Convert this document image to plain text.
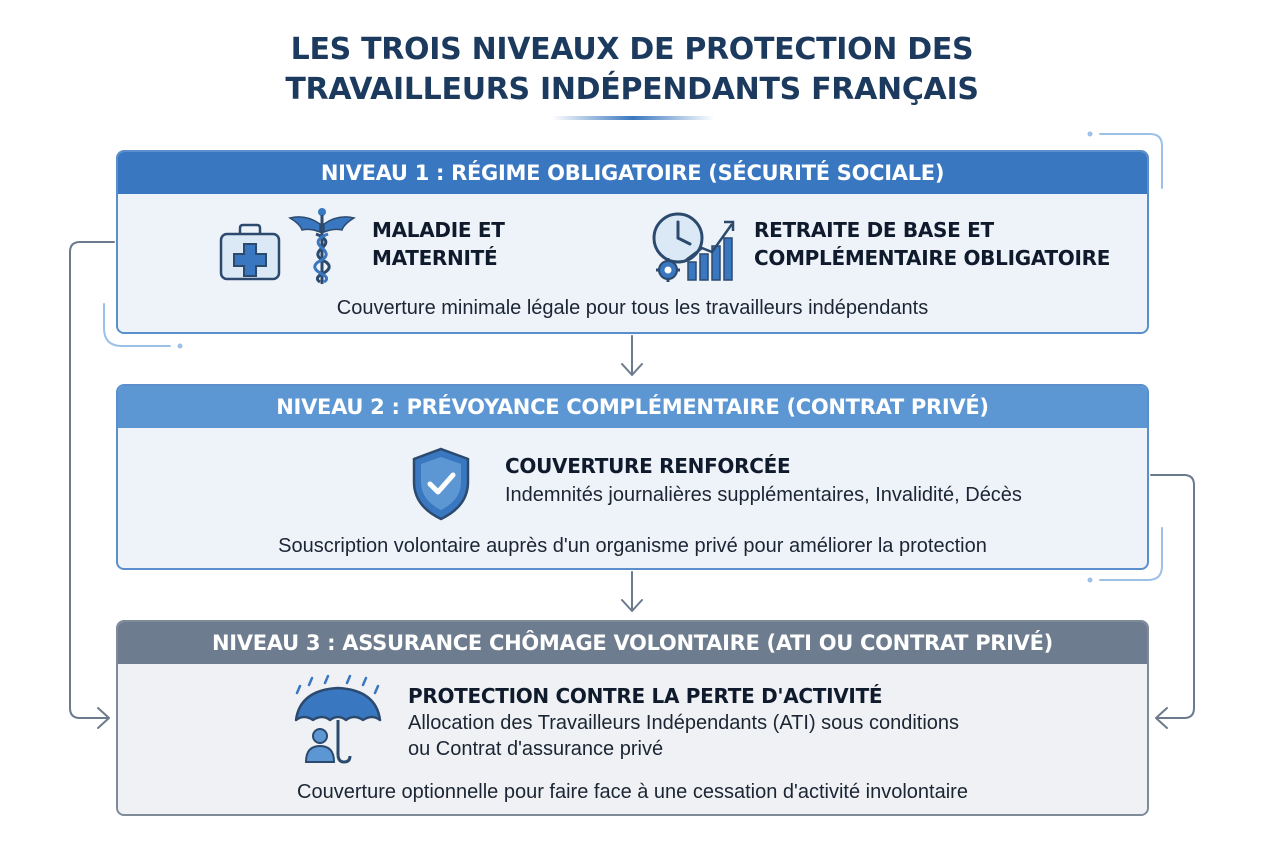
LES TROIS NIVEAUX DE PROTECTION DES
TRAVAILLEURS INDÉPENDANTS FRANÇAIS
NIVEAU 1 : RÉGIME OBLIGATOIRE (SÉCURITÉ SOCIALE)
MALADIE ET
MATERNITÉ
RETRAITE DE BASE ET
COMPLÉMENTAIRE OBLIGATOIRE
Couverture minimale légale pour tous les travailleurs indépendants
NIVEAU 2 : PRÉVOYANCE COMPLÉMENTAIRE (CONTRAT PRIVÉ)
COUVERTURE RENFORCÉE
Indemnités journalières supplémentaires, Invalidité, Décès
Souscription volontaire auprès d'un organisme privé pour améliorer la protection
NIVEAU 3 : ASSURANCE CHÔMAGE VOLONTAIRE (ATI OU CONTRAT PRIVÉ)
PROTECTION CONTRE LA PERTE D'ACTIVITÉ
Allocation des Travailleurs Indépendants (ATI) sous conditions
ou Contrat d'assurance privé
Couverture optionnelle pour faire face à une cessation d'activité involontaire
